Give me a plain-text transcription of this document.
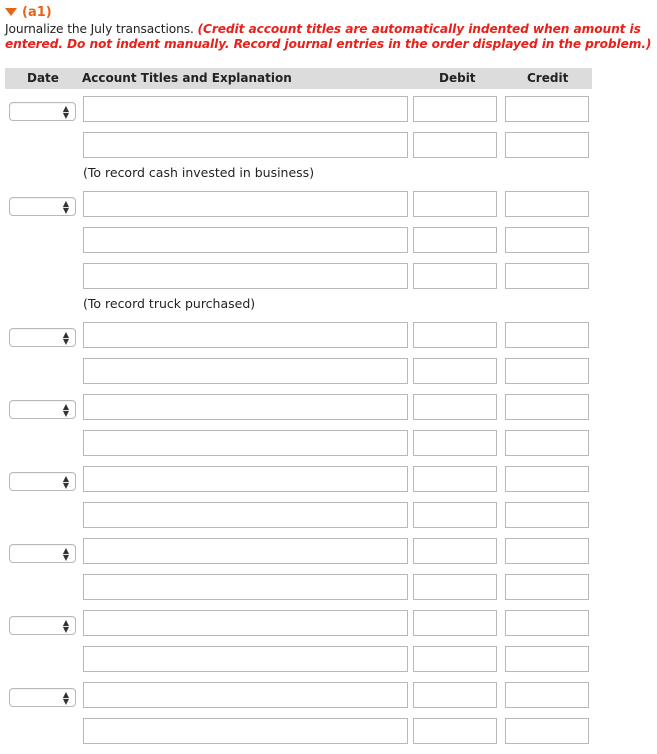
(a1)
Journalize the July transactions. (Credit account titles are automatically indented when amount is entered. Do not indent manually. Record journal entries in the order displayed in the problem.)
Date Account Titles and Explanation	Debit	Credit
(To record cash invested in business)
(To record truck purchased)
▲
▼
▲
▼
▲
▼
▲
▼
▲
▼
▲
▼
▲
▼
▲
▼
